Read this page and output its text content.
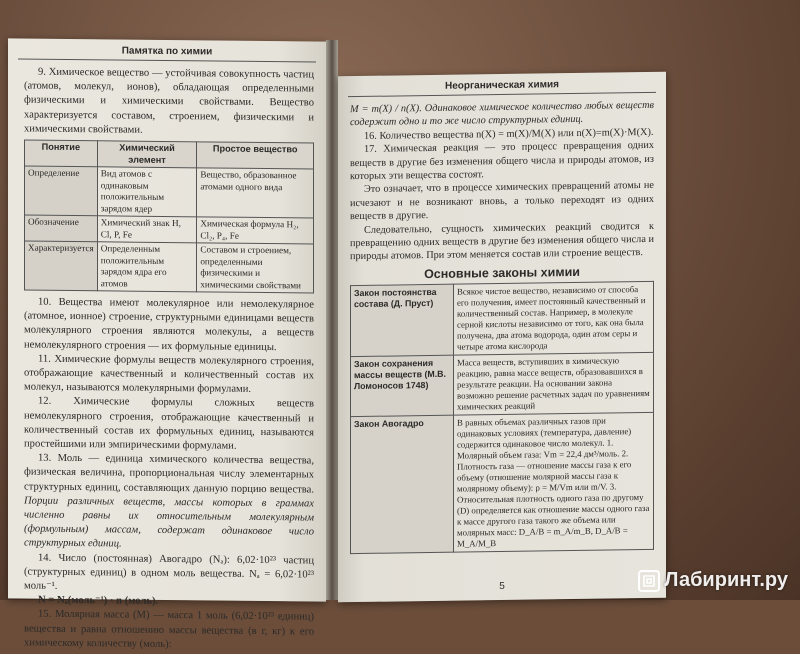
Памятка по химии

9. Химическое вещество — устойчивая совокупность частиц (атомов, молекул, ионов), обладающая определенными физическими и химическими свойствами. Вещество характеризуется составом, строением, физическими и химическими свойствами.

Понятие	Химический элемент	Простое вещество
Определение	Вид атомов с одинаковым положительным зарядом ядер	Вещество, образованное атомами одного вида
Обозначение	Химический знак H, Cl, P, Fe	Химическая формула H₂, Cl₂, P₄, Fe
Характеризуется	Определенным положительным зарядом ядра его атомов	Составом и строением, определенными физическими и химическими свойствами

10. Вещества имеют молекулярное или немолекулярное (атомное, ионное) строение, структурными единицами веществ молекулярного строения являются молекулы, а веществ немолекулярного строения — их формульные единицы.

11. Химические формулы веществ молекулярного строения, отображающие качественный и количественный состав их молекул, называются молекулярными формулами.

12. Химические формулы сложных веществ немолекулярного строения, отображающие качественный и количественный состав их формульных единиц, называются простейшими или эмпирическими формулами.

13. Моль — единица химического количества вещества, физическая величина, пропорциональная числу элементарных структурных единиц, составляющих данную порцию вещества. Порции различных веществ, массы которых в граммах численно равны их относительным молекулярным (формульным) массам, содержат одинаковое число структурных единиц.

14. Число (постоянная) Авогадро (Nₐ): 6,02·10²³ частиц (структурных единиц) в одном моль вещества. Nₐ = 6,02·10²³ моль⁻¹.

N = Nₐ(моль⁻¹) · n (моль).

15. Молярная масса (M) — масса 1 моль (6,02·10²³ единиц) вещества и равна отношению массы вещества (в г, кг) к его химическому количеству (моль):

Неорганическая химия

M = m(X) / n(X). Одинаковое химическое количество любых веществ содержит одно и то же число структурных единиц.

16. Количество вещества n(X) = m(X)/M(X) или n(X)=m(X)·M(X).

17. Химическая реакция — это процесс превращения одних веществ в другие без изменения общего числа и природы атомов, из которых эти вещества состоят.

Это означает, что в процессе химических превращений атомы не исчезают и не возникают вновь, а только переходят из одних веществ в другие.

Следовательно, сущность химических реакций сводится к превращению одних веществ в другие без изменения общего числа и природы атомов. При этом меняется состав или строение веществ.

Основные законы химии
Закон постоянства состава (Д. Пруст)	Всякое чистое вещество, независимо от способа его получения, имеет постоянный качественный и количественный состав. Например, в молекуле серной кислоты независимо от того, как она была получена, два атома водорода, один атом серы и четыре атома кислорода
Закон сохранения массы веществ (М.В. Ломоносов 1748)	Масса веществ, вступивших в химическую реакцию, равна массе веществ, образовавшихся в результате реакции. На основании закона возможно решение расчетных задач по уравнениям химических реакций
Закон Авогадро	В равных объемах различных газов при одинаковых условиях (температура, давление) содержится одинаковое число молекул. 1. Молярный объем газа: Vm = 22,4 дм³/моль. 2. Плотность газа — отношение массы газа к его объему (отношение молярной массы газа к молярному объему): ρ = M/Vm или m/V. 3. Относительная плотность одного газа по другому (D) определяется как отношение массы одного газа к массе другого газа такого же объема или молярных масс: D_A/B = m_A/m_B, D_A/B = M_A/M_B
5	Лабиринт.ру
